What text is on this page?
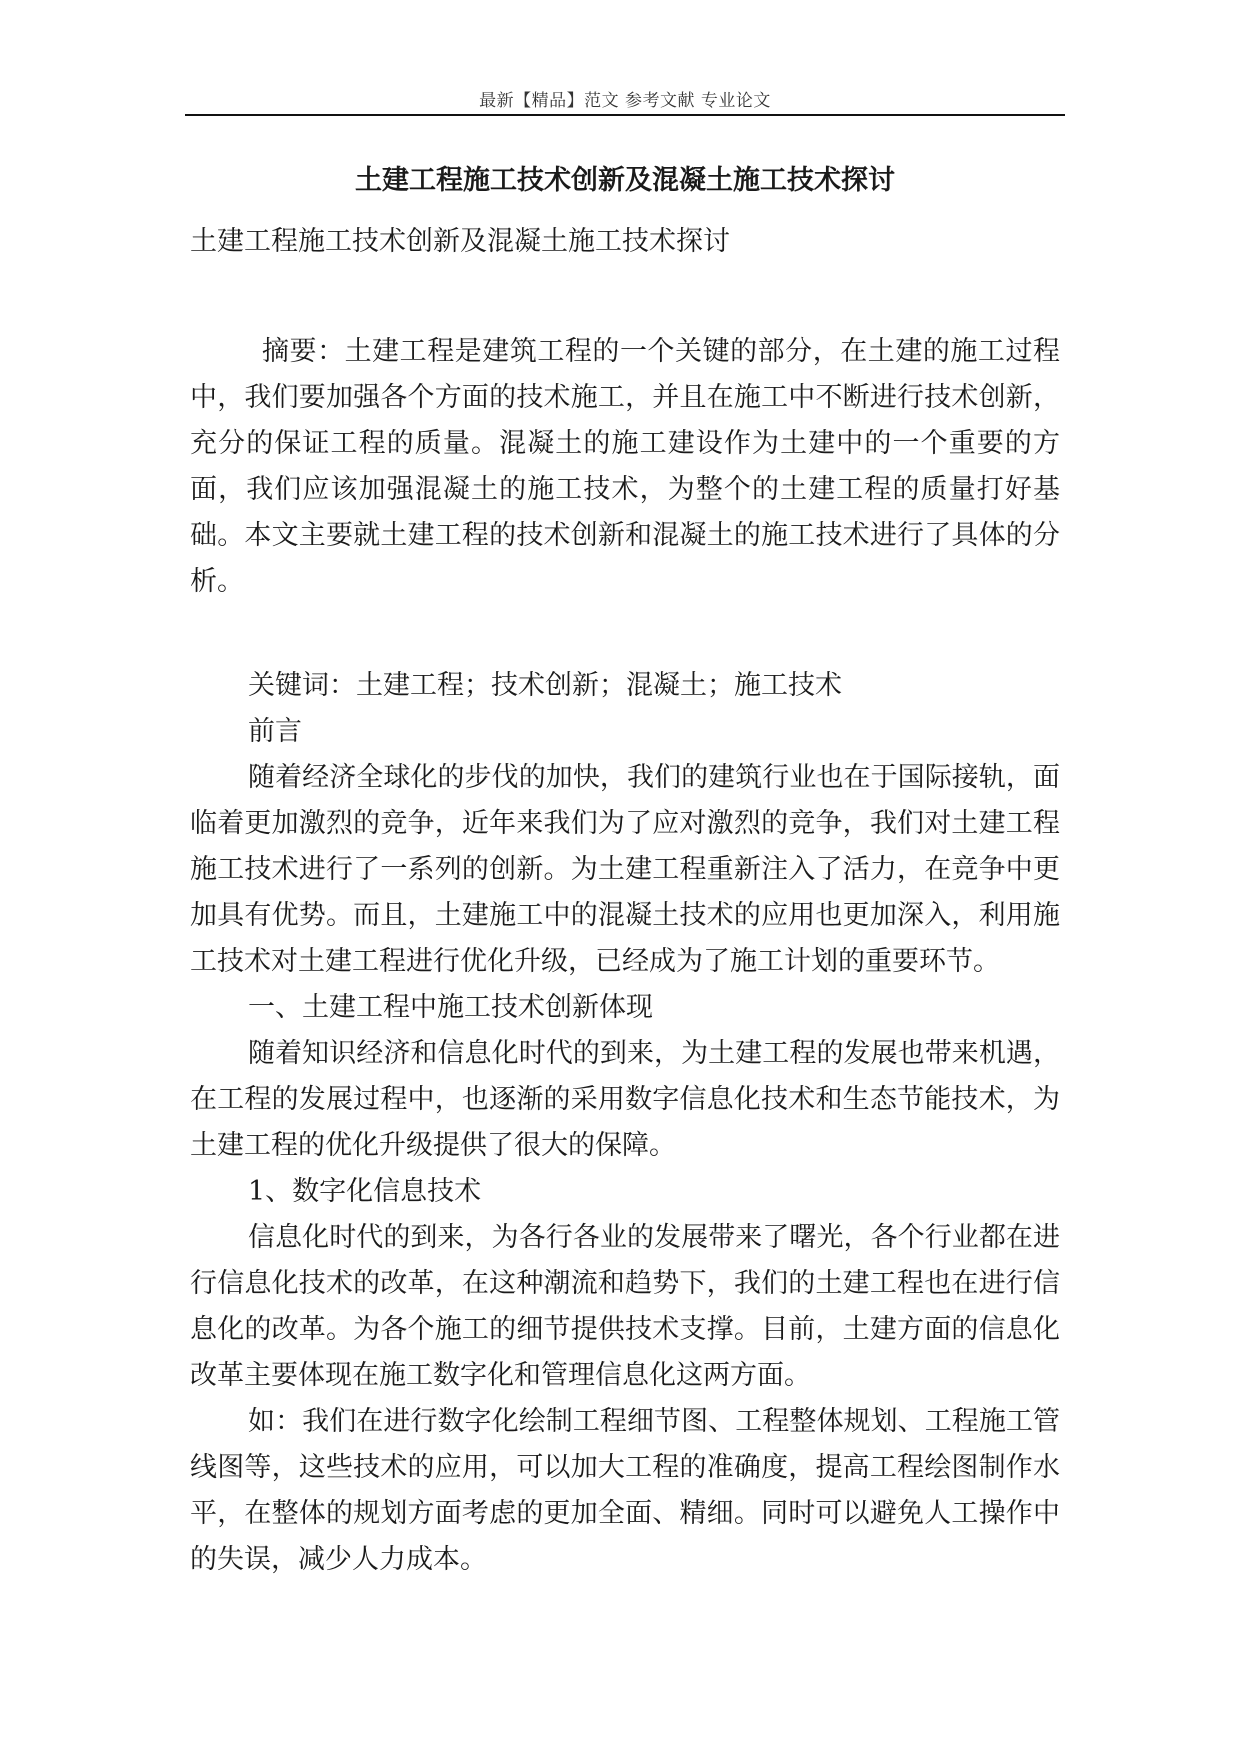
最新【精品】范文 参考文献 专业论文
土建工程施工技术创新及混凝土施工技术探讨

土建工程施工技术创新及混凝土施工技术探讨

摘要：土建工程是建筑工程的一个关键的部分，在土建的施工过程中，我们要加强各个方面的技术施工，并且在施工中不断进行技术创新，充分的保证工程的质量。混凝土的施工建设作为土建中的一个重要的方面，我们应该加强混凝土的施工技术，为整个的土建工程的质量打好基础。本文主要就土建工程的技术创新和混凝土的施工技术进行了具体的分析。

关键词：土建工程；技术创新；混凝土；施工技术

前言

随着经济全球化的步伐的加快，我们的建筑行业也在于国际接轨，面临着更加激烈的竞争，近年来我们为了应对激烈的竞争，我们对土建工程施工技术进行了一系列的创新。为土建工程重新注入了活力，在竞争中更加具有优势。而且，土建施工中的混凝土技术的应用也更加深入，利用施工技术对土建工程进行优化升级，已经成为了施工计划的重要环节。

一、土建工程中施工技术创新体现

随着知识经济和信息化时代的到来，为土建工程的发展也带来机遇，在工程的发展过程中，也逐渐的采用数字信息化技术和生态节能技术，为土建工程的优化升级提供了很大的保障。

1、数字化信息技术

信息化时代的到来，为各行各业的发展带来了曙光，各个行业都在进行信息化技术的改革，在这种潮流和趋势下，我们的土建工程也在进行信息化的改革。为各个施工的细节提供技术支撑。目前，土建方面的信息化改革主要体现在施工数字化和管理信息化这两方面。

如：我们在进行数字化绘制工程细节图、工程整体规划、工程施工管线图等，这些技术的应用，可以加大工程的准确度，提高工程绘图制作水平，在整体的规划方面考虑的更加全面、精细。同时可以避免人工操作中的失误，减少人力成本。
